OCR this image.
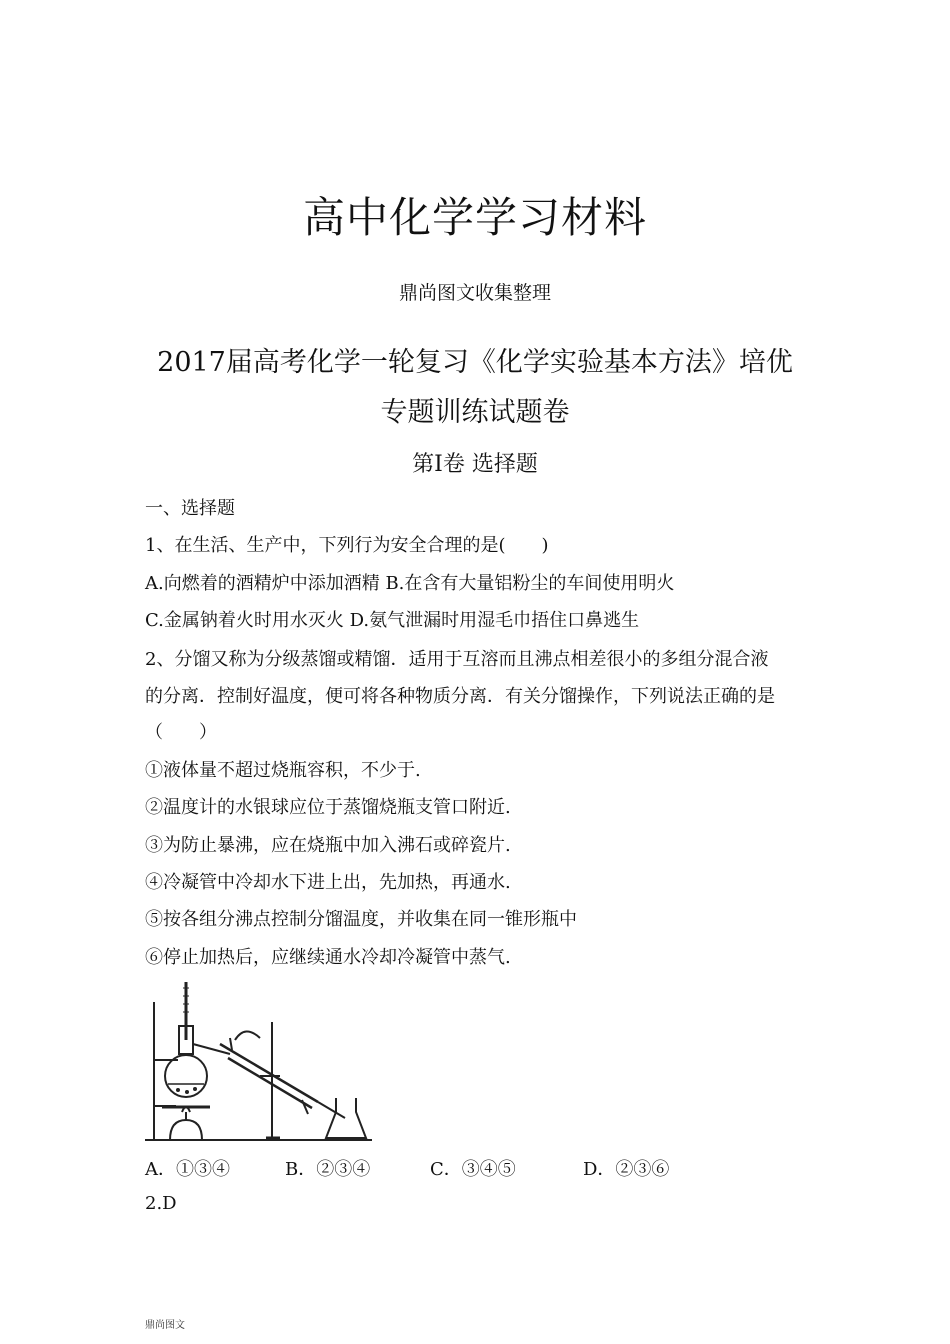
高中化学学习材料
鼎尚图文收集整理
2017届高考化学一轮复习《化学实验基本方法》培优
专题训练试题卷
第Ⅰ卷 选择题
一、选择题
1、在生活、生产中，下列行为安全合理的是(　　)
A.向燃着的酒精炉中添加酒精 B.在含有大量铝粉尘的车间使用明火
C.金属钠着火时用水灭火 D.氨气泄漏时用湿毛巾捂住口鼻逃生
2、分馏又称为分级蒸馏或精馏．适用于互溶而且沸点相差很小的多组分混合液
的分离．控制好温度，便可将各种物质分离．有关分馏操作，下列说法正确的是
（　　）
①液体量不超过烧瓶容积，不少于.
②温度计的水银球应位于蒸馏烧瓶支管口附近.
③为防止暴沸，应在烧瓶中加入沸石或碎瓷片.
④冷凝管中冷却水下进上出，先加热，再通水.
⑤按各组分沸点控制分馏温度，并收集在同一锥形瓶中
⑥停止加热后，应继续通水冷却冷凝管中蒸气.
A．①③④	B．②③④	C．③④⑤	D．②③⑥
2.D
鼎尚图文
